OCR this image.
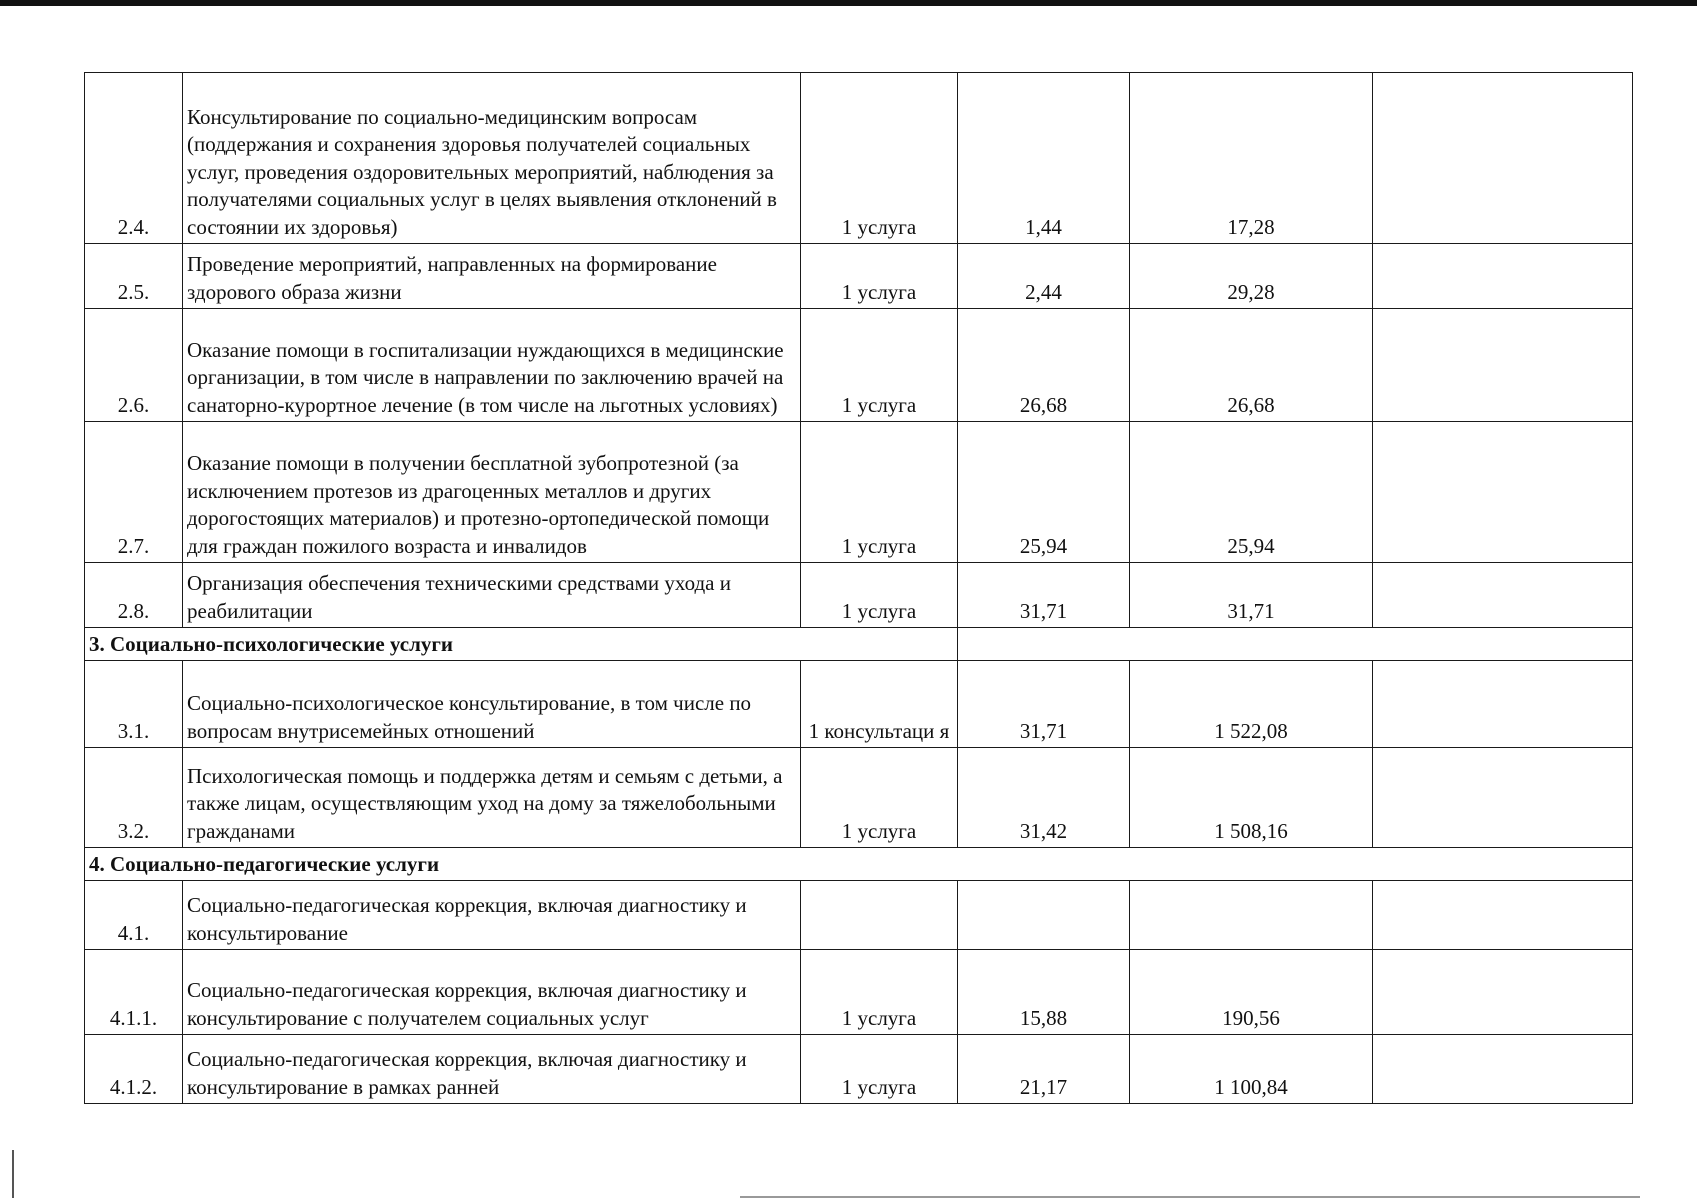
2.4.	Консультирование по социально-медицинским вопросам (поддержания и сохранения здоровья получателей социальных услуг, проведения оздоровительных мероприятий, наблюдения за получателями социальных услуг в целях выявления отклонений в состоянии их здоровья)	1 услуга	1,44	17,28	
2.5.	Проведение мероприятий, направленных на формирование здорового образа жизни	1 услуга	2,44	29,28	
2.6.	Оказание помощи в госпитализации нуждающихся в медицинские организации, в том числе в направлении по заключению врачей на санаторно-курортное лечение (в том числе на льготных условиях)	1 услуга	26,68	26,68	
2.7.	Оказание помощи в получении бесплатной зубопротезной (за исключением протезов из драгоценных металлов и других дорогостоящих материалов) и протезно-ортопедической помощи для граждан пожилого возраста и инвалидов	1 услуга	25,94	25,94	
2.8.	Организация обеспечения техническими средствами ухода и реабилитации	1 услуга	31,71	31,71	
3. Социально-психологические услуги					
3.1.	Социально-психологическое консультирование, в том числе по вопросам внутрисемейных отношений	1 консультаци я	31,71	1 522,08	
3.2.	Психологическая помощь и поддержка детям и семьям с детьми, а также лицам, осуществляющим уход на дому за тяжелобольными гражданами	1 услуга	31,42	1 508,16	
4. Социально-педагогические услуги					
4.1.	Социально-педагогическая коррекция, включая диагностику и консультирование				
4.1.1.	Социально-педагогическая коррекция, включая диагностику и консультирование с получателем социальных услуг	1 услуга	15,88	190,56	
4.1.2.	Социально-педагогическая коррекция, включая диагностику и консультирование в рамках ранней	1 услуга	21,17	1 100,84	
